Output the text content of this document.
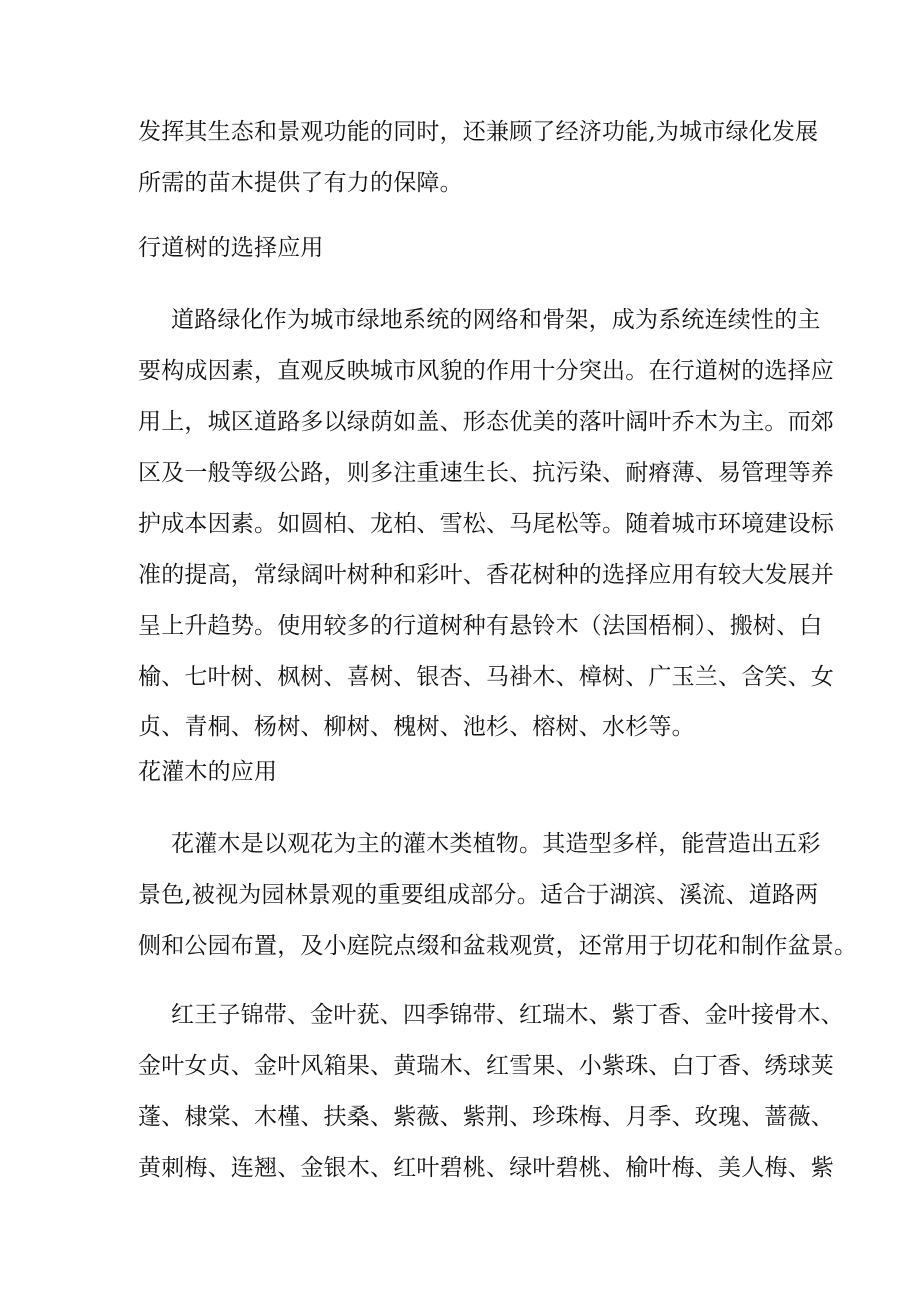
发挥其生态和景观功能的同时，还兼顾了经济功能,为城市绿化发展
所需的苗木提供了有力的保障。
行道树的选择应用
道路绿化作为城市绿地系统的网络和骨架，成为系统连续性的主
要构成因素，直观反映城市风貌的作用十分突出。在行道树的选择应
用上，城区道路多以绿荫如盖、形态优美的落叶阔叶乔木为主。而郊
区及一般等级公路，则多注重速生长、抗污染、耐瘠薄、易管理等养
护成本因素。如圆柏、龙柏、雪松、马尾松等。随着城市环境建设标
准的提高，常绿阔叶树种和彩叶、香花树种的选择应用有较大发展并
呈上升趋势。使用较多的行道树种有悬铃木（法国梧桐）、搬树、白
榆、七叶树、枫树、喜树、银杏、马褂木、樟树、广玉兰、含笑、女
贞、青桐、杨树、柳树、槐树、池杉、榕树、水杉等。
花灌木的应用
花灌木是以观花为主的灌木类植物。其造型多样，能营造出五彩
景色,被视为园林景观的重要组成部分。适合于湖滨、溪流、道路两
侧和公园布置，及小庭院点缀和盆栽观赏，还常用于切花和制作盆景。
红王子锦带、金叶莸、四季锦带、红瑞木、紫丁香、金叶接骨木、
金叶女贞、金叶风箱果、黄瑞木、红雪果、小紫珠、白丁香、绣球荚
蓬、棣棠、木槿、扶桑、紫薇、紫荆、珍珠梅、月季、玫瑰、蔷薇、
黄刺梅、连翘、金银木、红叶碧桃、绿叶碧桃、榆叶梅、美人梅、紫
